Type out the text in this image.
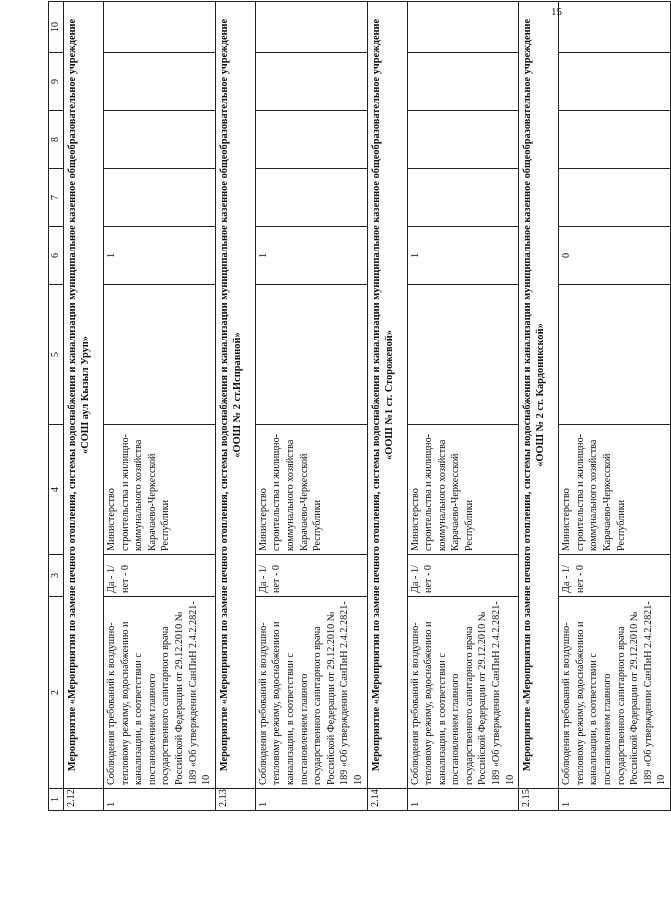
15
1	2	3	4	5	6	7	8	9	10
2.12	Мероприятие «Мероприятия по замене печного отопления, системы водоснабжения и канализации муниципальное казенное общеобразовательное учреждение «СОШ аул Кызыл Уруп»								
1	Соблюдения требований к воздушно-тепловому режиму, водоснабжению и канализации, в соответствии с постановлением главного государственного санитарного врача Российской Федерации от 29.12.2010 № 189 «Об утверждении СанПиН 2.4.2.2821-10	Да - 1/ нет - 0	Министерство строительства и жилищно-коммунального хозяйства Карачаево-Черкесской Республики		1				
2.13	Мероприятие «Мероприятия по замене печного отопления, системы водоснабжения и канализации муниципальное казенное общеобразовательное учреждение «ООШ № 2 ст.Исправной»								
1	Соблюдения требований к воздушно-тепловому режиму, водоснабжению и канализации, в соответствии с постановлением главного государственного санитарного врача Российской Федерации от 29.12.2010 № 189 «Об утверждении СанПиН 2.4.2.2821-10	Да - 1/ нет - 0	Министерство строительства и жилищно-коммунального хозяйства Карачаево-Черкесской Республики		1				
2.14	Мероприятие «Мероприятия по замене печного отопления, системы водоснабжения и канализации муниципальное казенное общеобразовательное учреждение «ООШ №1 ст. Сторожевой»								
1	Соблюдения требований к воздушно-тепловому режиму, водоснабжению и канализации, в соответствии с постановлением главного государственного санитарного врача Российской Федерации от 29.12.2010 № 189 «Об утверждении СанПиН 2.4.2.2821-10	Да - 1/ нет - 0	Министерство строительства и жилищно-коммунального хозяйства Карачаево-Черкесской Республики		1				
2.15	Мероприятие «Мероприятия по замене печного отопления, системы водоснабжения и канализации муниципальное казенное общеобразовательное учреждение «ООШ № 2 ст. Кардоникской»								
1	Соблюдения требований к воздушно-тепловому режиму, водоснабжению и канализации, в соответствии с постановлением главного государственного санитарного врача Российской Федерации от 29.12.2010 № 189 «Об утверждении СанПиН 2.4.2.2821-10	Да - 1/ нет - 0	Министерство строительства и жилищно-коммунального хозяйства Карачаево-Черкесской Республики		0				
